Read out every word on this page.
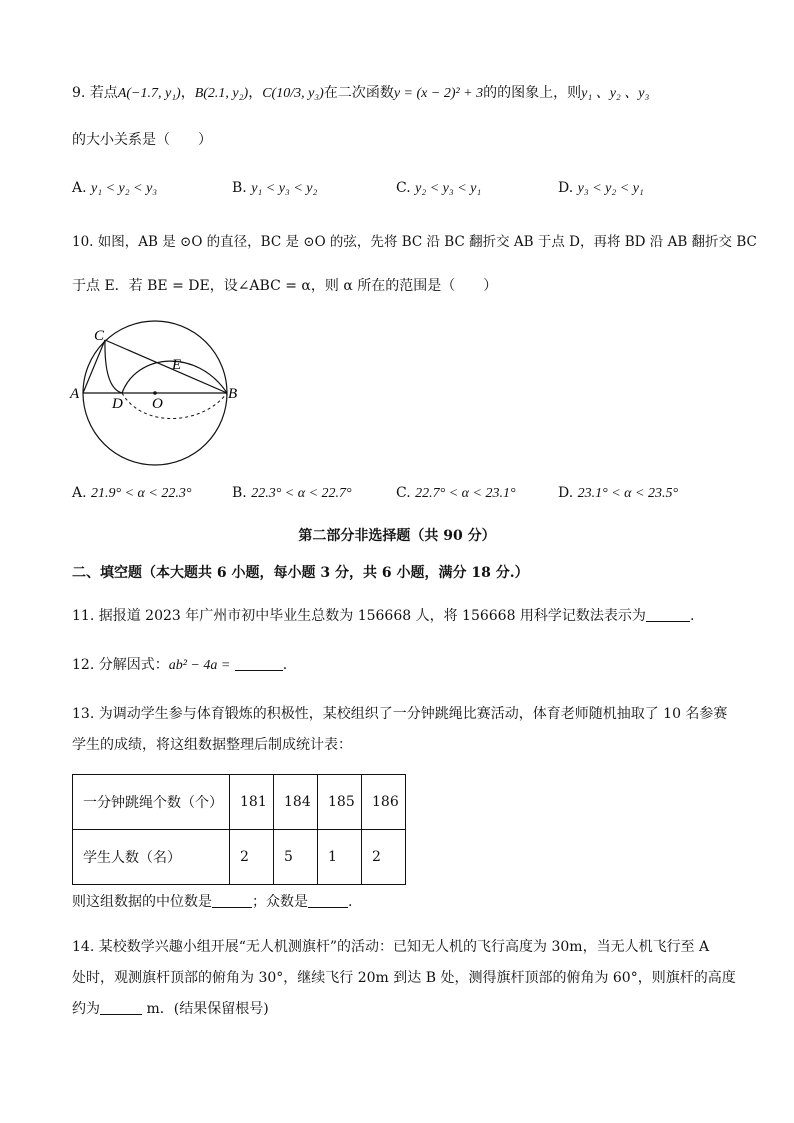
9. 若点A(−1.7, y₁)，B(2.1, y₂)，C(10/3, y₃)在二次函数y = (x − 2)² + 3的的图象上，则y₁ 、y₂ 、y₃
的大小关系是（　　）
A. y₁ < y₂ < y₃	B. y₁ < y₃ < y₂	C. y₂ < y₃ < y₁	D. y₃ < y₂ < y₁
10. 如图，AB 是 ⊙O 的直径，BC 是 ⊙O 的弦，先将 BC 沿 BC 翻折交 AB 于点 D，再将 BD 沿 AB 翻折交 BC
于点 E．若 BE = DE，设∠ABC = α，则 α 所在的范围是（　　）
C
E
A
D O
B
A. 21.9° < α < 22.3°	B. 22.3° < α < 22.7°	C. 22.7° < α < 23.1°	D. 23.1° < α < 23.5°
第二部分非选择题（共 90 分）
二、填空题（本大题共 6 小题，每小题 3 分，共 6 小题，满分 18 分.）
11. 据报道 2023 年广州市初中毕业生总数为 156668 人，将 156668 用科学记数法表示为	.
12. 分解因式：ab² − 4a =	.
13. 为调动学生参与体育锻炼的积极性，某校组织了一分钟跳绳比赛活动，体育老师随机抽取了 10 名参赛
学生的成绩，将这组数据整理后制成统计表：
一分钟跳绳个数（个）	181	184	185	186
学生人数（名）	2	5	1	2
则这组数据的中位数是	；众数是	.
14. 某校数学兴趣小组开展“无人机测旗杆”的活动：已知无人机的飞行高度为 30m，当无人机飞行至 A
处时，观测旗杆顶部的俯角为 30°，继续飞行 20m 到达 B 处，测得旗杆顶部的俯角为 60°，则旗杆的高度
约为	m．(结果保留根号)
